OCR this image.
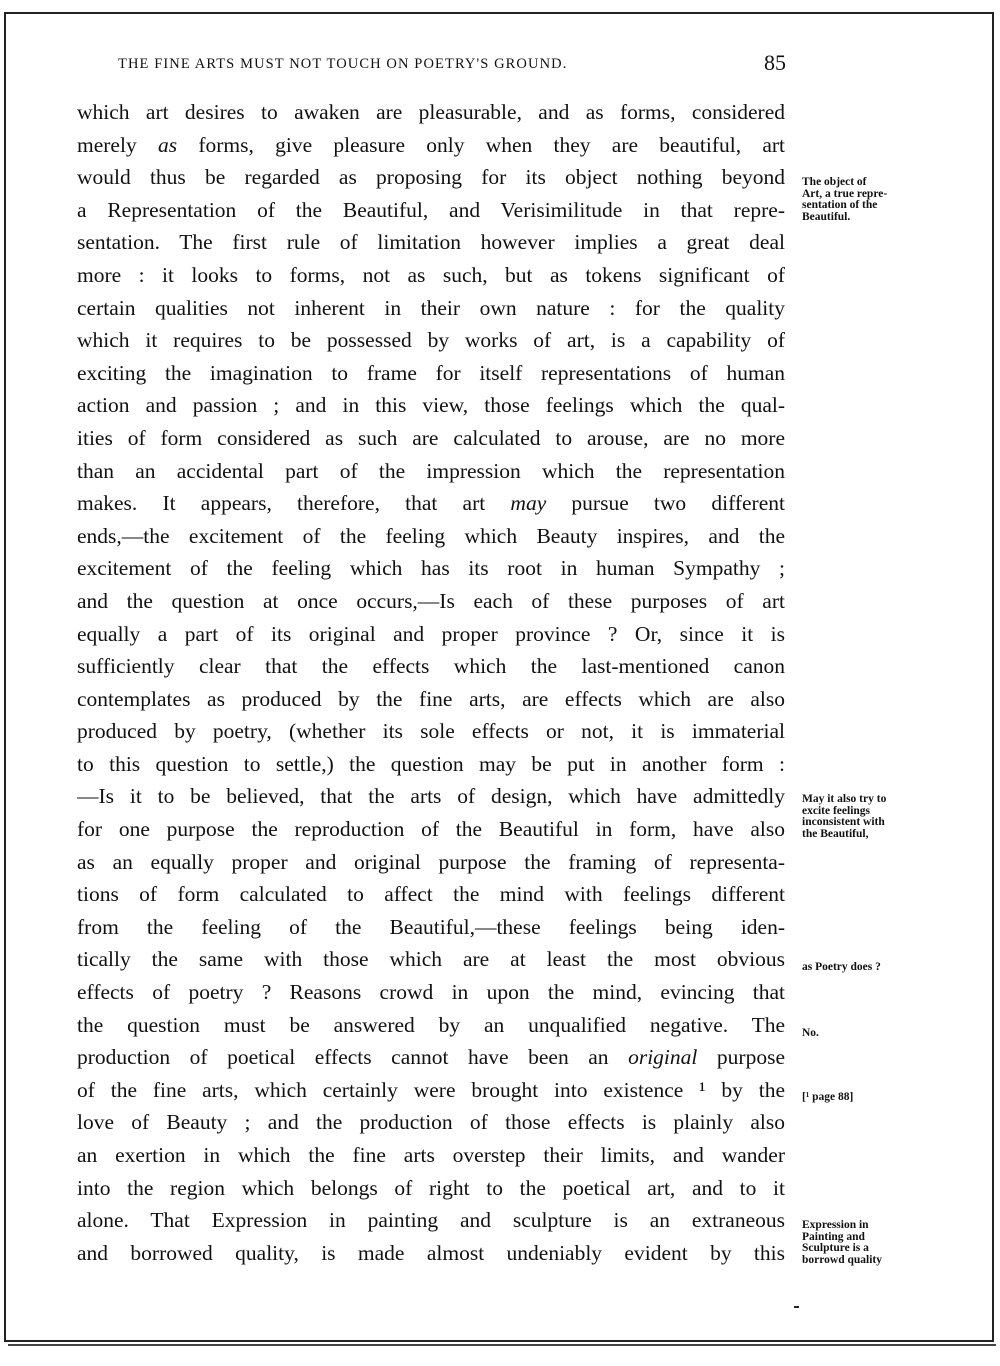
THE FINE ARTS MUST NOT TOUCH ON POETRY'S GROUND.	85
which art desires to awaken are pleasurable, and as forms, considered
merely as forms, give pleasure only when they are beautiful, art
would thus be regarded as proposing for its object nothing beyond
a Representation of the Beautiful, and Verisimilitude in that repre-
sentation. The first rule of limitation however implies a great deal
more : it looks to forms, not as such, but as tokens significant of
certain qualities not inherent in their own nature : for the quality
which it requires to be possessed by works of art, is a capability of
exciting the imagination to frame for itself representations of human
action and passion ; and in this view, those feelings which the qual-
ities of form considered as such are calculated to arouse, are no more
than an accidental part of the impression which the representation
makes. It appears, therefore, that art may pursue two different
ends,—the excitement of the feeling which Beauty inspires, and the
excitement of the feeling which has its root in human Sympathy ;
and the question at once occurs,—Is each of these purposes of art
equally a part of its original and proper province ? Or, since it is
sufficiently clear that the effects which the last-mentioned canon
contemplates as produced by the fine arts, are effects which are also
produced by poetry, (whether its sole effects or not, it is immaterial
to this question to settle,) the question may be put in another form :
—Is it to be believed, that the arts of design, which have admittedly
for one purpose the reproduction of the Beautiful in form, have also
as an equally proper and original purpose the framing of representa-
tions of form calculated to affect the mind with feelings different
from the feeling of the Beautiful,—these feelings being iden-
tically the same with those which are at least the most obvious
effects of poetry ? Reasons crowd in upon the mind, evincing that
the question must be answered by an unqualified negative. The
production of poetical effects cannot have been an original purpose
of the fine arts, which certainly were brought into existence ¹ by the
love of Beauty ; and the production of those effects is plainly also
an exertion in which the fine arts overstep their limits, and wander
into the region which belongs of right to the poetical art, and to it
alone. That Expression in painting and sculpture is an extraneous
and borrowed quality, is made almost undeniably evident by this
The object of
Art, a true repre-
sentation of the
Beautiful.
May it also try to
excite feelings
inconsistent with
the Beautiful,
as Poetry does ?
No.
[¹ page 88]
Expression in
Painting and
Sculpture is a
borrowd quality
